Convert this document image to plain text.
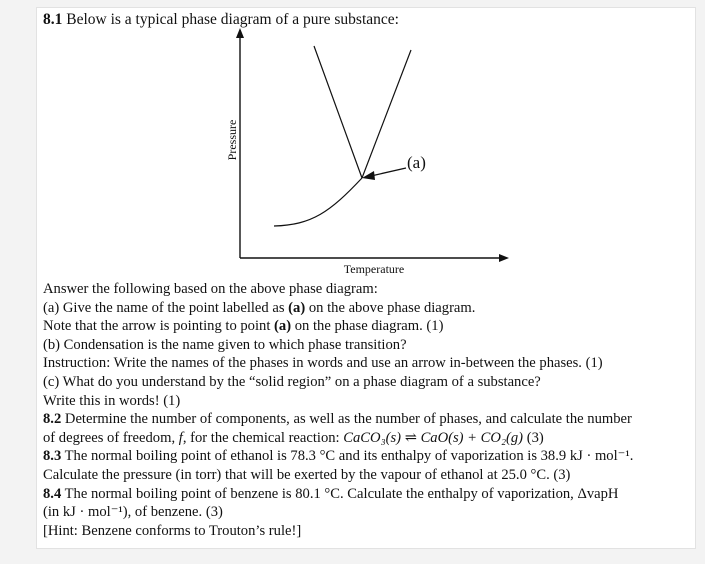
8.1 Below is a typical phase diagram of a pure substance:
(a)
Pressure
Temperature

Answer the following based on the above phase diagram:

(a) Give the name of the point labelled as (a) on the above phase diagram.

Note that the arrow is pointing to point (a) on the phase diagram. (1)

(b) Condensation is the name given to which phase transition?

Instruction: Write the names of the phases in words and use an arrow in-between the phases. (1)

(c) What do you understand by the “solid region” on a phase diagram of a substance?

Write this in words! (1)

8.2 Determine the number of components, as well as the number of phases, and calculate the number

of degrees of freedom, f, for the chemical reaction: CaCO₃(s) ⇌ CaO(s) + CO₂(g) (3)

8.3 The normal boiling point of ethanol is 78.3 °C and its enthalpy of vaporization is 38.9 kJ · mol⁻¹.

Calculate the pressure (in torr) that will be exerted by the vapour of ethanol at 25.0 °C. (3)

8.4 The normal boiling point of benzene is 80.1 °C. Calculate the enthalpy of vaporization, ΔvapH

(in kJ · mol⁻¹), of benzene. (3)

[Hint: Benzene conforms to Trouton’s rule!]
